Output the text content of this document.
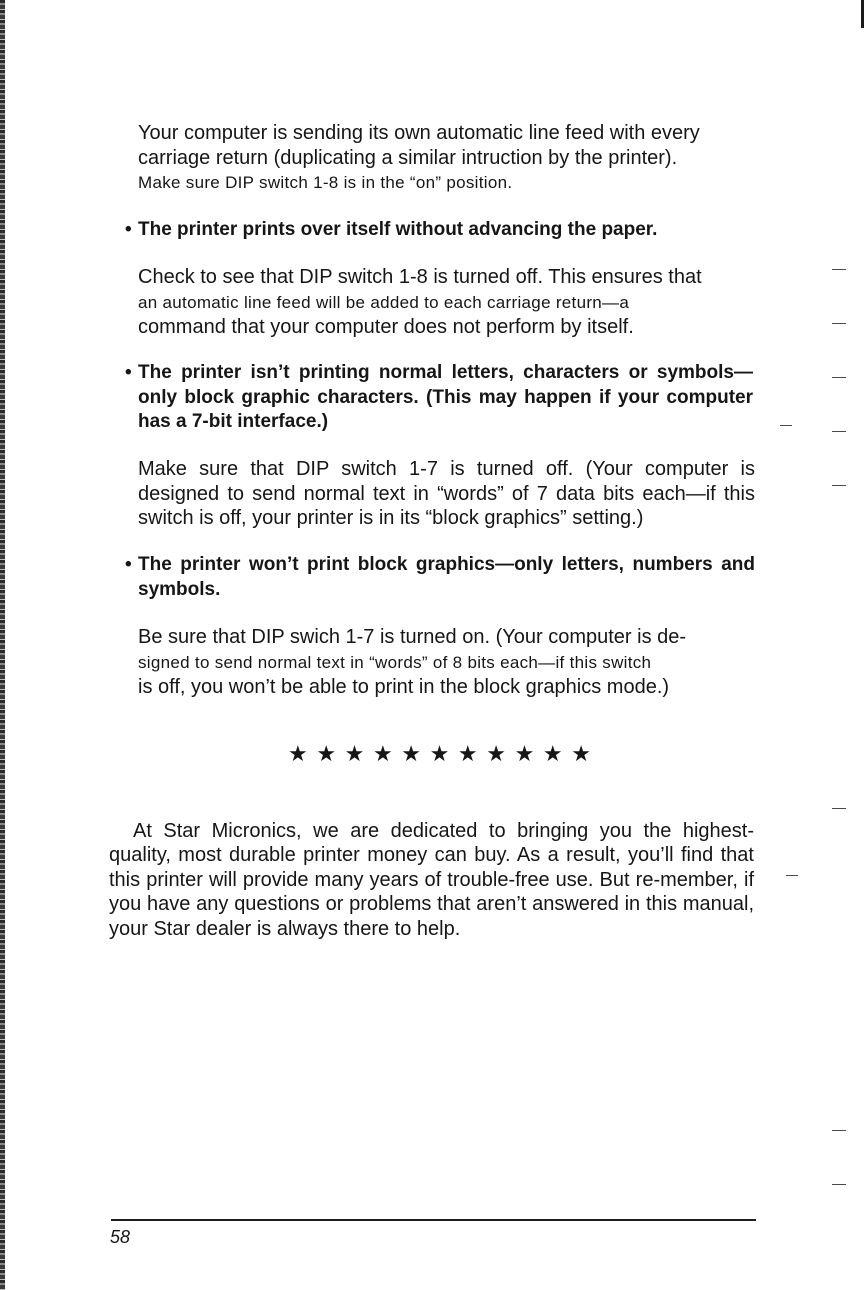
Your computer is sending its own automatic line feed with every
carriage return (duplicating a similar intruction by the printer).
Make sure DIP switch 1-8 is in the “on” position.

• The printer prints over itself without advancing the paper.

Check to see that DIP switch 1-8 is turned off. This ensures that
an automatic line feed will be added to each carriage return—a
command that your computer does not perform by itself.

• The printer isn’t printing normal letters, characters or symbols—only block graphic characters. (This may happen if your computer has a 7-bit interface.)

Make sure that DIP switch 1-7 is turned off. (Your computer is designed to send normal text in “words” of 7 data bits each—if this switch is off, your printer is in its “block graphics” setting.)

• The printer won’t print block graphics—only letters, numbers and symbols.

Be sure that DIP swich 1-7 is turned on. (Your computer is de-
signed to send normal text in “words” of 8 bits each—if this switch
is off, you won’t be able to print in the block graphics mode.)

★★★★★★★★★★★

At Star Micronics, we are dedicated to bringing you the highest-quality, most durable printer money can buy. As a result, you’ll find that this printer will provide many years of trouble-free use. But re-member, if you have any questions or problems that aren’t answered in this manual, your Star dealer is always there to help.

58
